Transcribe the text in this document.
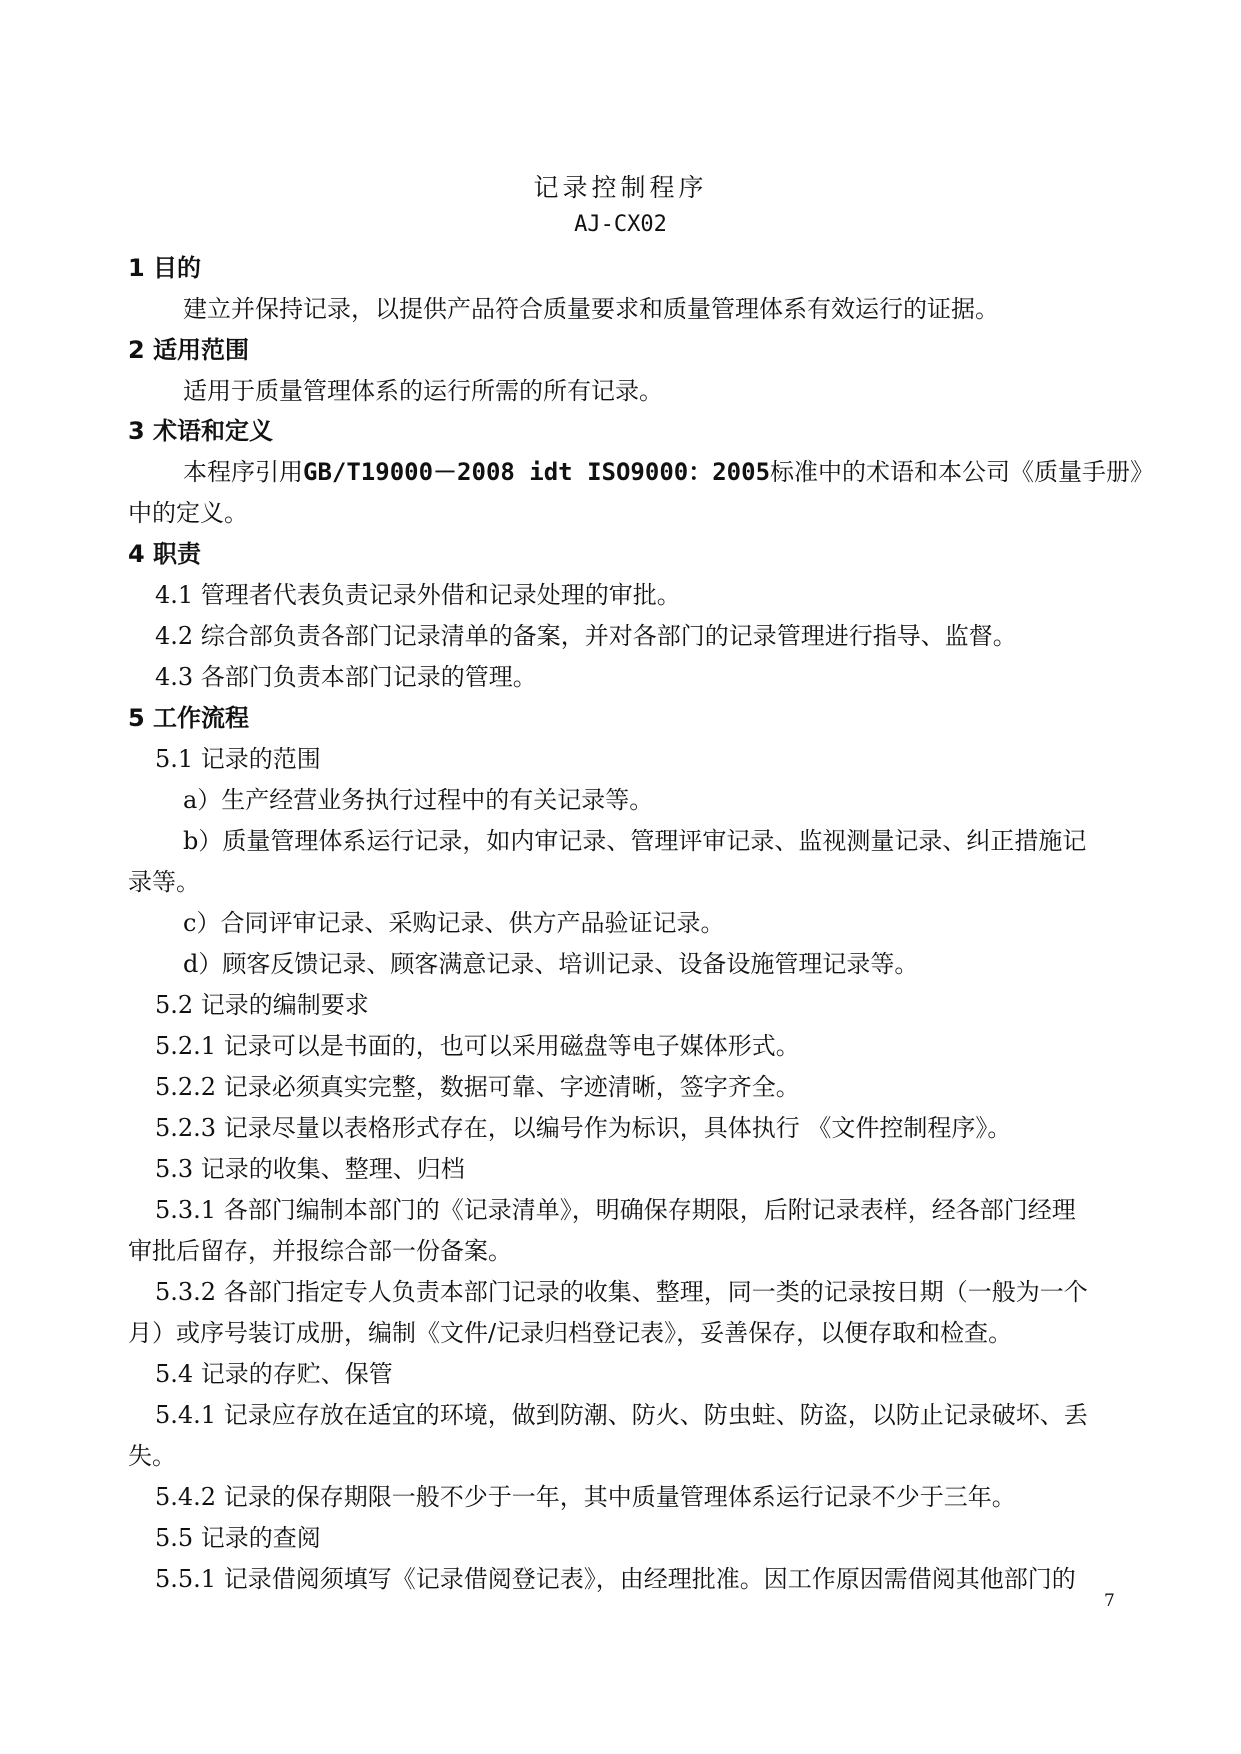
记录控制程序
AJ-CX02
1 目的
建立并保持记录，以提供产品符合质量要求和质量管理体系有效运行的证据。
2 适用范围
适用于质量管理体系的运行所需的所有记录。
3 术语和定义
本程序引用GB/T19000－2008 idt ISO9000：2005标准中的术语和本公司《质量手册》
中的定义。
4 职责
4.1 管理者代表负责记录外借和记录处理的审批。
4.2 综合部负责各部门记录清单的备案，并对各部门的记录管理进行指导、监督。
4.3 各部门负责本部门记录的管理。
5 工作流程
5.1 记录的范围
a）生产经营业务执行过程中的有关记录等。
b）质量管理体系运行记录，如内审记录、管理评审记录、监视测量记录、纠正措施记
录等。
c）合同评审记录、采购记录、供方产品验证记录。
d）顾客反馈记录、顾客满意记录、培训记录、设备设施管理记录等。
5.2 记录的编制要求
5.2.1 记录可以是书面的，也可以采用磁盘等电子媒体形式。
5.2.2 记录必须真实完整，数据可靠、字迹清晰，签字齐全。
5.2.3 记录尽量以表格形式存在，以编号作为标识，具体执行 《文件控制程序》。
5.3 记录的收集、整理、归档
5.3.1 各部门编制本部门的《记录清单》，明确保存期限，后附记录表样，经各部门经理
审批后留存，并报综合部一份备案。
5.3.2 各部门指定专人负责本部门记录的收集、整理，同一类的记录按日期（一般为一个
月）或序号装订成册，编制《文件/记录归档登记表》，妥善保存，以便存取和检查。
5.4 记录的存贮、保管
5.4.1 记录应存放在适宜的环境，做到防潮、防火、防虫蛀、防盗，以防止记录破坏、丢
失。
5.4.2 记录的保存期限一般不少于一年，其中质量管理体系运行记录不少于三年。
5.5 记录的查阅
5.5.1 记录借阅须填写《记录借阅登记表》，由经理批准。因工作原因需借阅其他部门的
7
